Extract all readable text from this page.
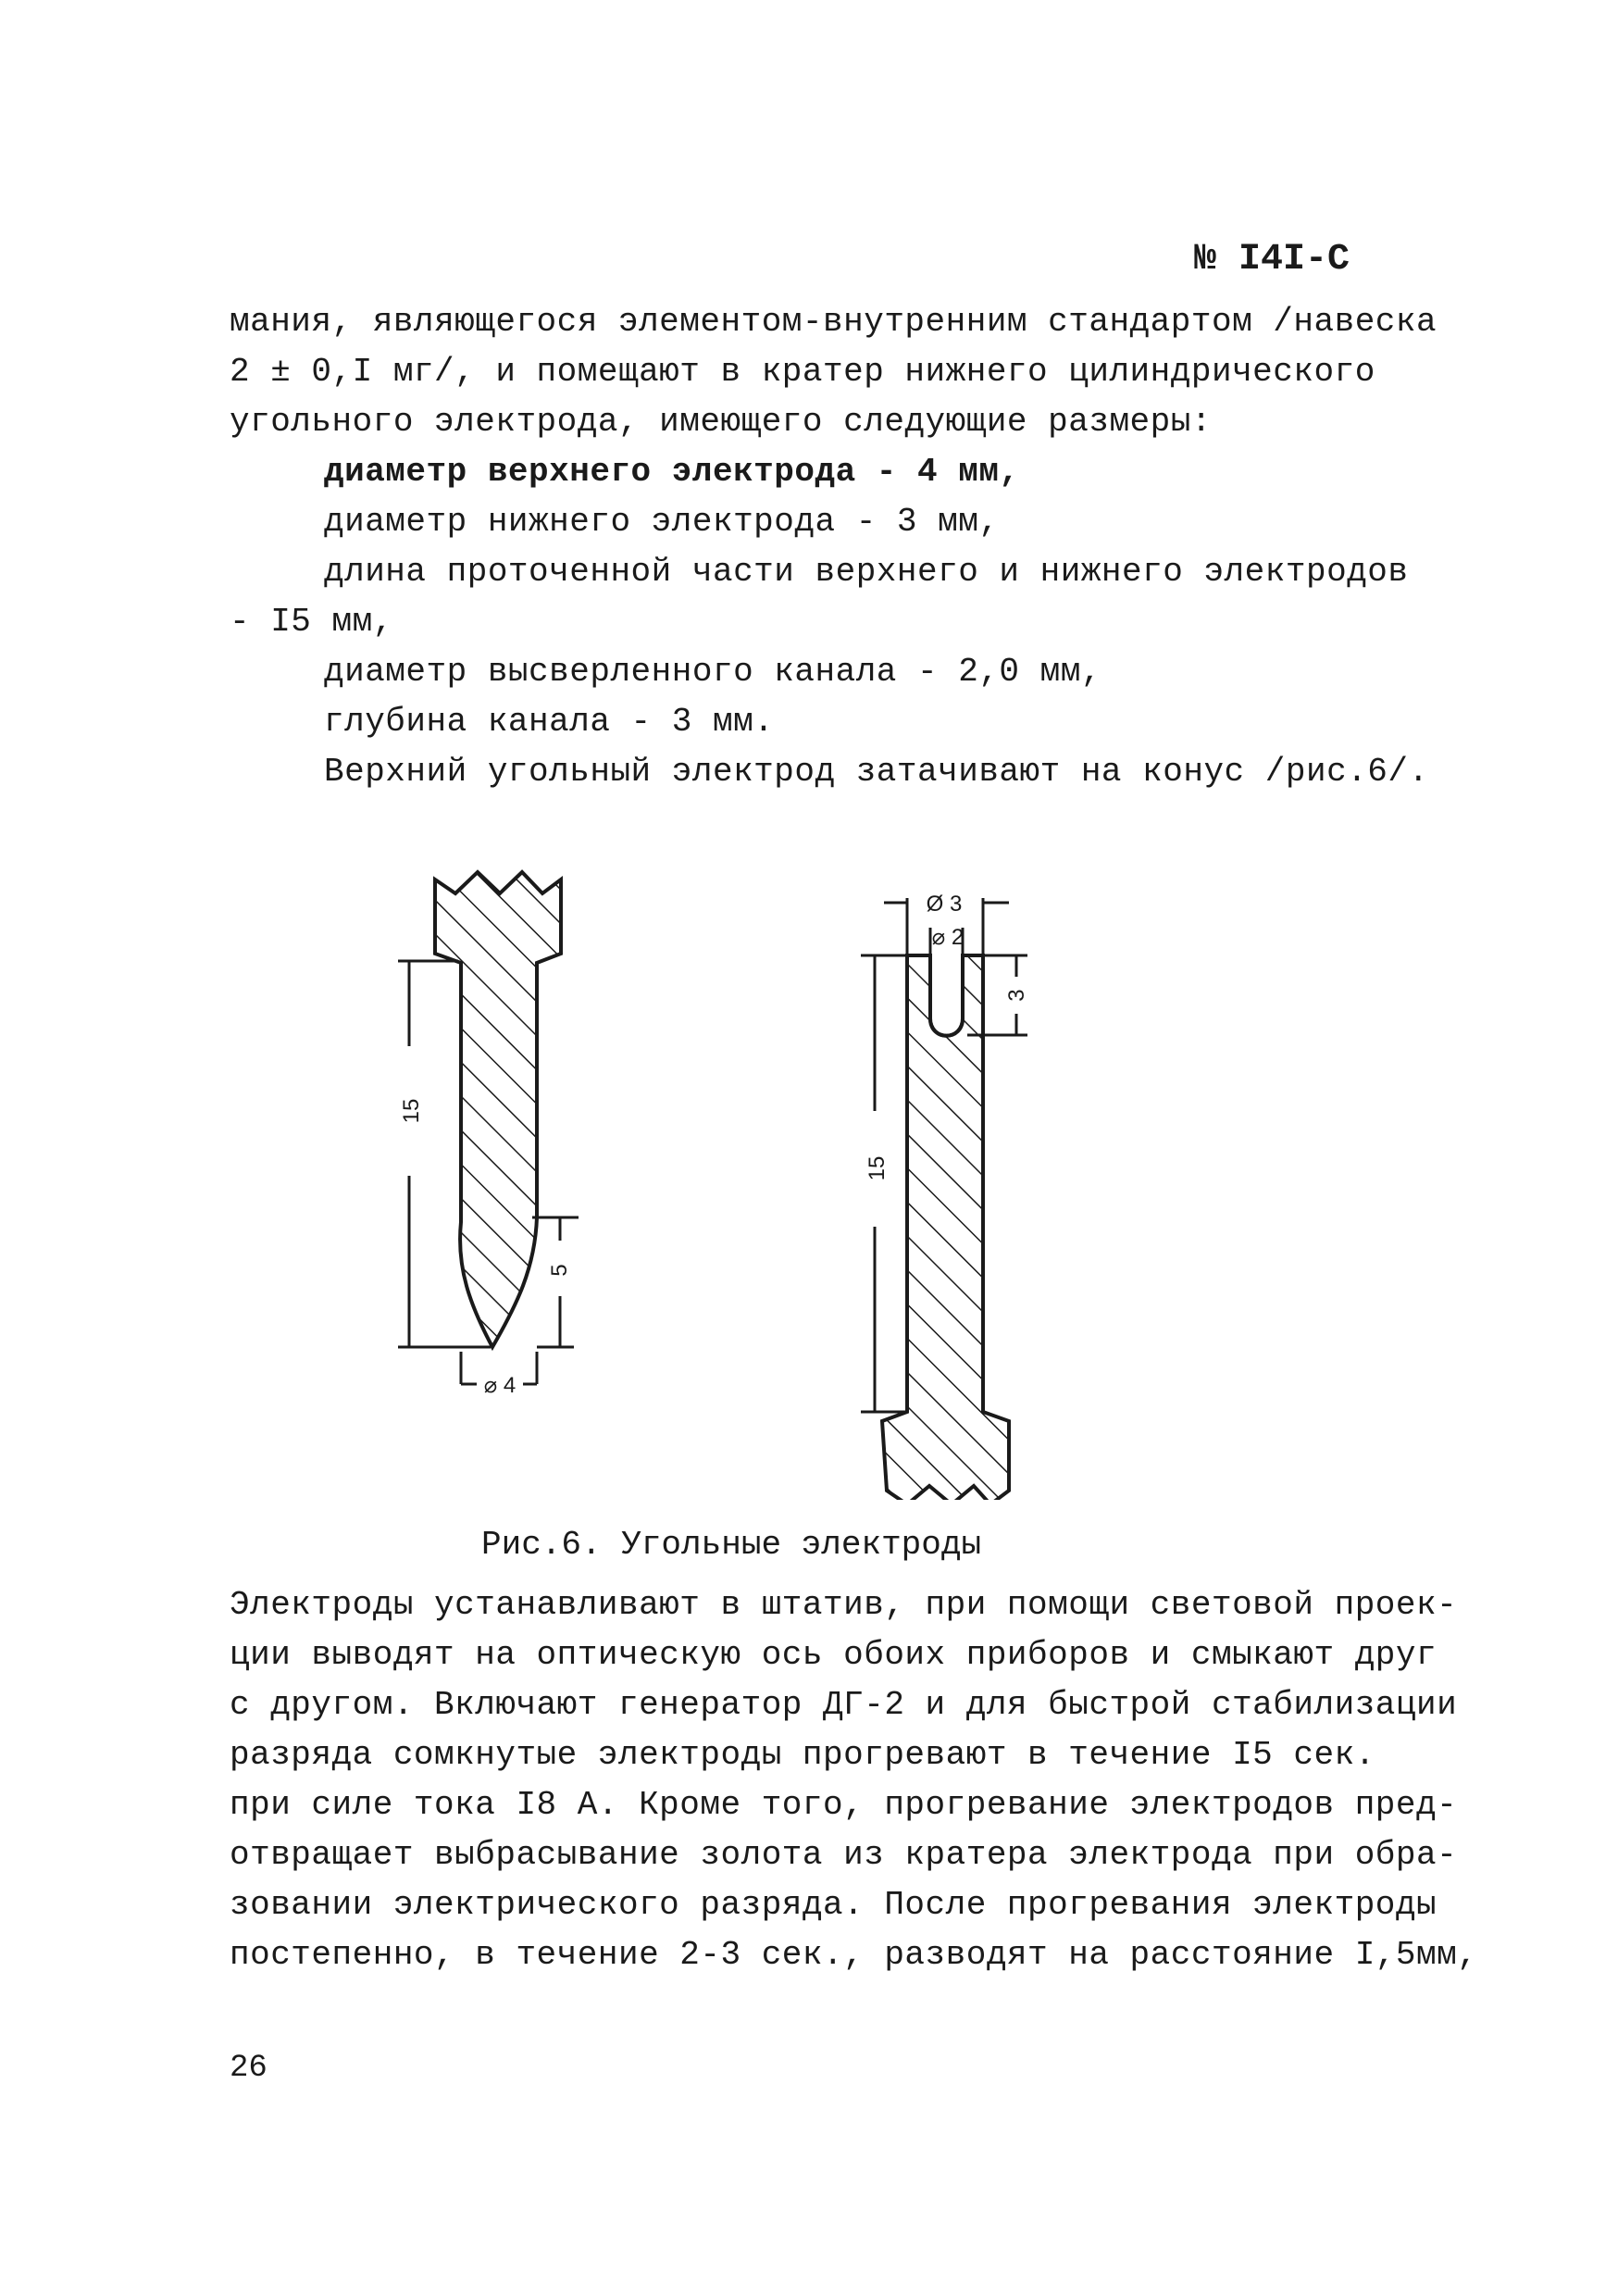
№ I4I-C
мания, являющегося элементом-внутренним стандартом /навеска
2 ± 0,I мг/, и помещают в кратер нижнего цилиндрического
угольного электрода, имеющего следующие размеры:
диаметр верхнего электрода - 4 мм,
диаметр нижнего электрода - 3 мм,
длина проточенной части верхнего и нижнего электродов
- I5 мм,
диаметр высверленного канала - 2,0 мм,
глубина канала - 3 мм.
Верхний угольный электрод затачивают на конус /рис.6/.
15
5
⌀ 4
15
Ø 3
⌀ 2
3
Рис.6. Угольные электроды
Электроды устанавливают в штатив, при помощи световой проек-
ции выводят на оптическую ось обоих приборов и смыкают друг
с другом. Включают генератор ДГ-2 и для быстрой стабилизации
разряда сомкнутые электроды прогревают в течение I5 сек.
при силе тока I8 А. Кроме того, прогревание электродов пред-
отвращает выбрасывание золота из кратера электрода при обра-
зовании электрического разряда. После прогревания электроды
постепенно, в течение 2-3 сек., разводят на расстояние I,5мм,
26
